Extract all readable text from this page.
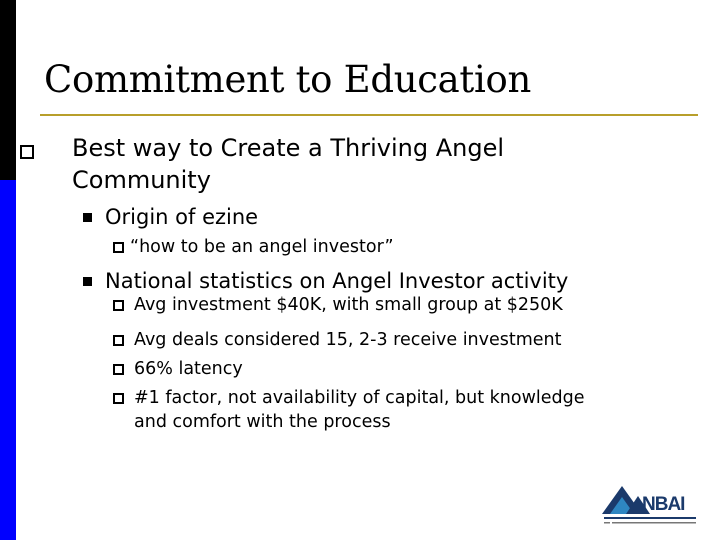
Commitment to Education
Best way to Create a Thriving Angel
Community
Origin of ezine
“how to be an angel investor”
National statistics on Angel Investor activity
Avg investment $40K, with small group at $250K
Avg deals considered 15, 2-3 receive investment
66% latency
#1 factor, not availability of capital, but knowledge
and comfort with the process
NBAI
